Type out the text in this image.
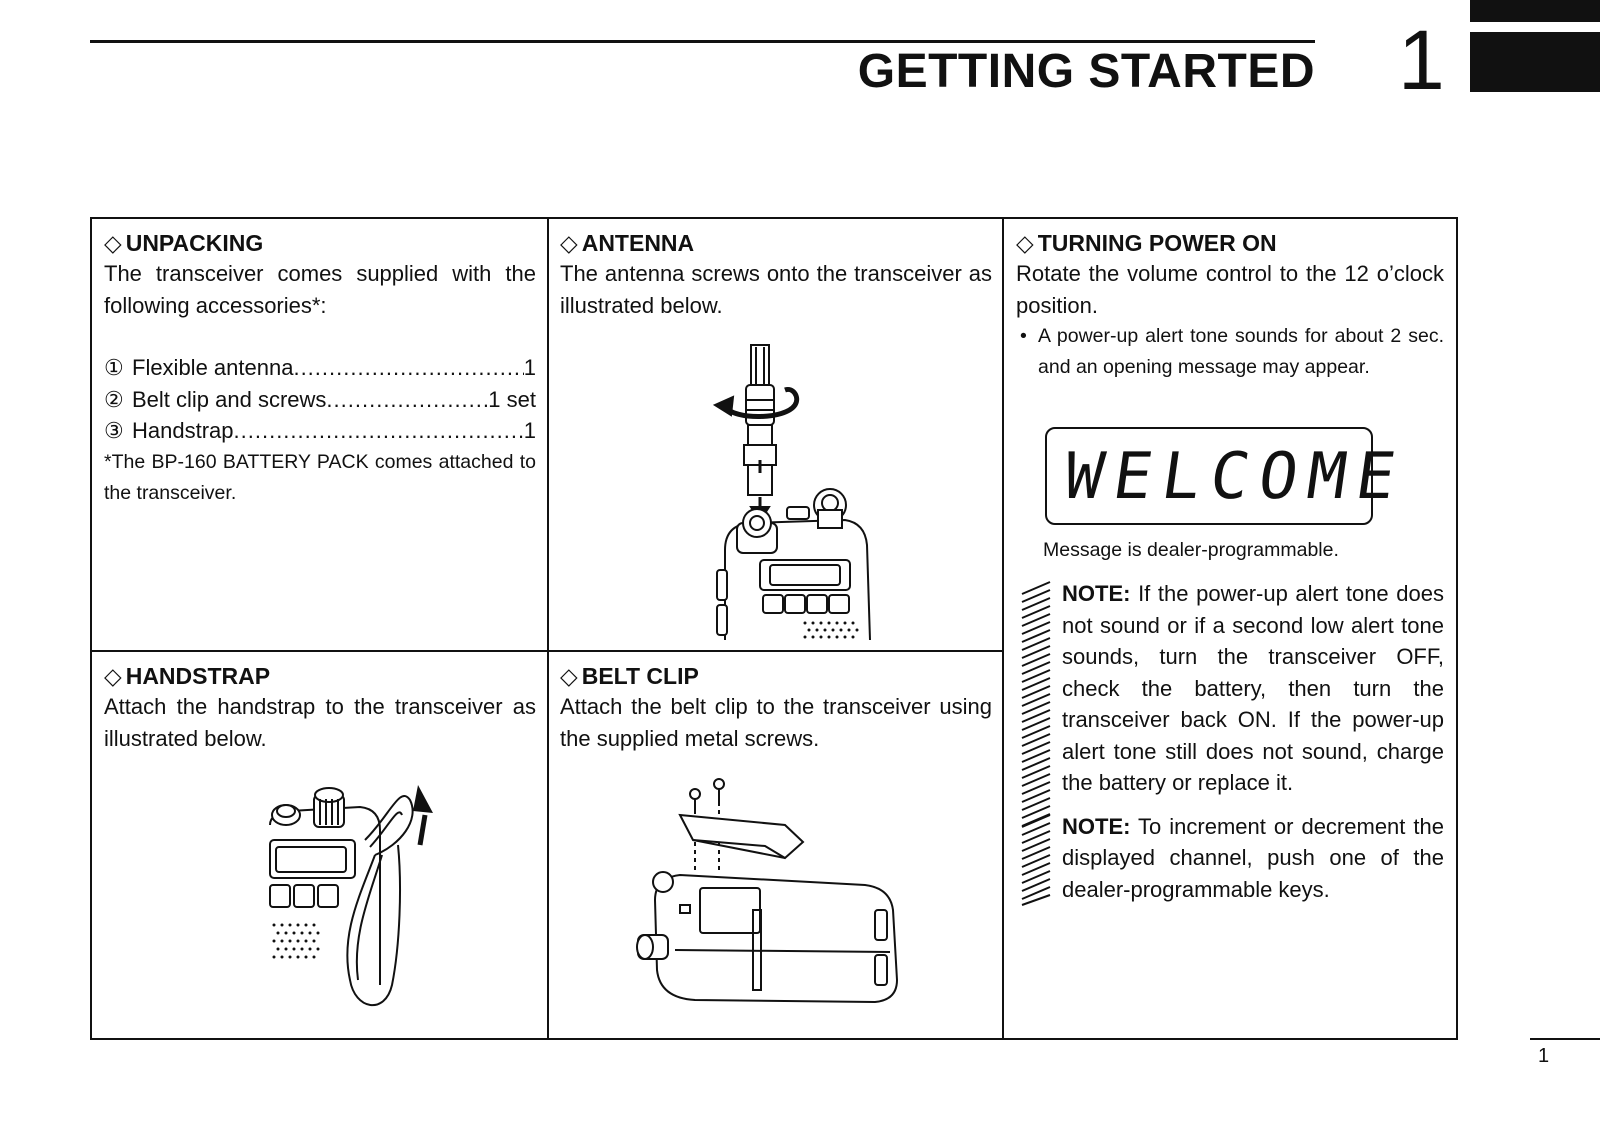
GETTING STARTED 1
◇ UNPACKING
The transceiver comes supplied with the following accessories*:
① Flexible antenna .....	1
② Belt clip and screws .....	1 set
③ Handstrap .....	1
*The BP-160 BATTERY PACK comes attached to the transceiver.
◇ ANTENNA
The antenna screws onto the transceiver as illustrated below.
◇ TURNING POWER ON
Rotate the volume control to the 12 o’clock position.
• A power-up alert tone sounds for about 2 sec. and an opening message may appear.
WELCOME
Message is dealer-programmable.
NOTE: If the power-up alert tone does not sound or if a second low alert tone sounds, turn the transceiver OFF, check the battery, then turn the transceiver back ON. If the power-up alert tone still does not sound, charge the battery or replace it.
NOTE: To increment or decrement the displayed channel, push one of the dealer-programmable keys.
◇ HANDSTRAP
Attach the handstrap to the transceiver as illustrated below.
◇ BELT CLIP
Attach the belt clip to the transceiver using the supplied metal screws.
1
